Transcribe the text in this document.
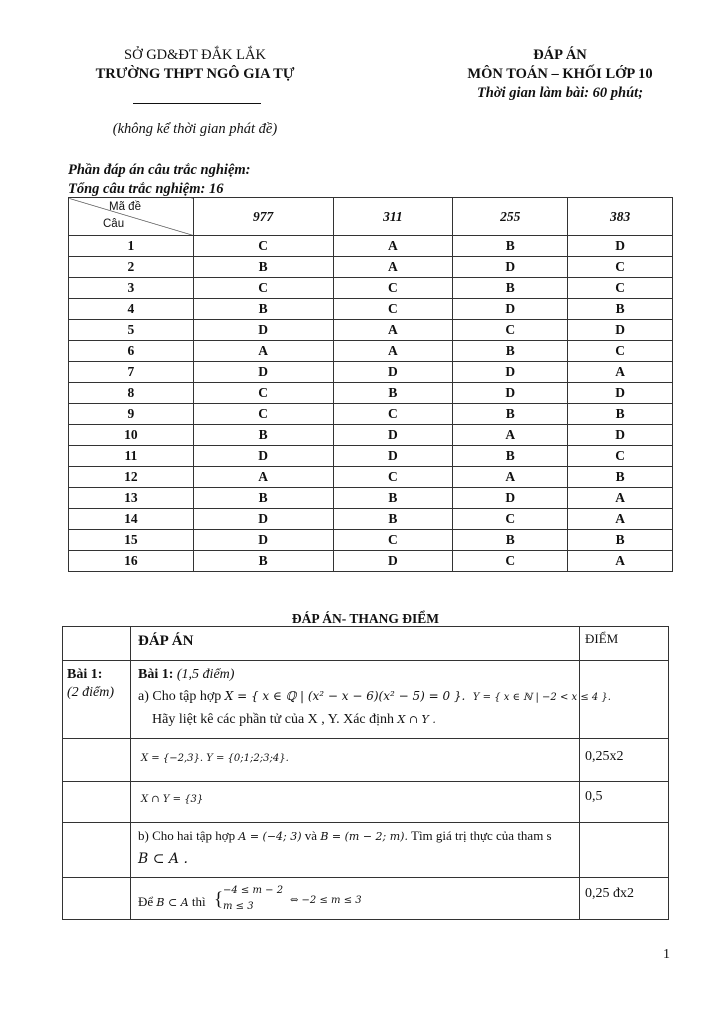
SỞ GD&ĐT ĐẮK LẮK
TRƯỜNG THPT NGÔ GIA TỰ
(không kể thời gian phát đề)
ĐÁP ÁN
MÔN TOÁN – KHỐI LỚP 10
Thời gian làm bài: 60 phút;
Phần đáp án câu trắc nghiệm:
Tổng câu trắc nghiệm: 16
Mã đề
Câu	977	311	255	383
1	C	A	B	D
2	B	A	D	C
3	C	C	B	C
4	B	C	D	B
5	D	A	C	D
6	A	A	B	C
7	D	D	D	A
8	C	B	D	D
9	C	C	B	B
10	B	D	A	D
11	D	D	B	C
12	A	C	A	B
13	B	B	D	A
14	D	B	C	A
15	D	C	B	B
16	B	D	C	A
ĐÁP ÁN- THANG ĐIỂM
ĐÁP ÁN	ĐIỂM
Bài 1:
(2 điểm)
Bài 1: (1,5 điểm)
a) Cho tập hợp X = { x ∈ ℚ | (x² − x − 6)(x² − 5) = 0 }. Y = { x ∈ ℕ | −2 < x ≤ 4 }.
Hãy liệt kê các phần tử của X , Y. Xác định X ∩ Y .
X = {−2,3}. Y = {0;1;2;3;4}.	0,25x2
X ∩ Y = {3}	0,5
b) Cho hai tập hợp A = (−4; 3) và B = (m − 2; m). Tìm giá trị thực của tham s
B ⊂ A .
Để B ⊂ A thì { −4 ≤ m − 2
m ≤ 3
⇔ −2 ≤ m ≤ 3	0,25 đx2
1
